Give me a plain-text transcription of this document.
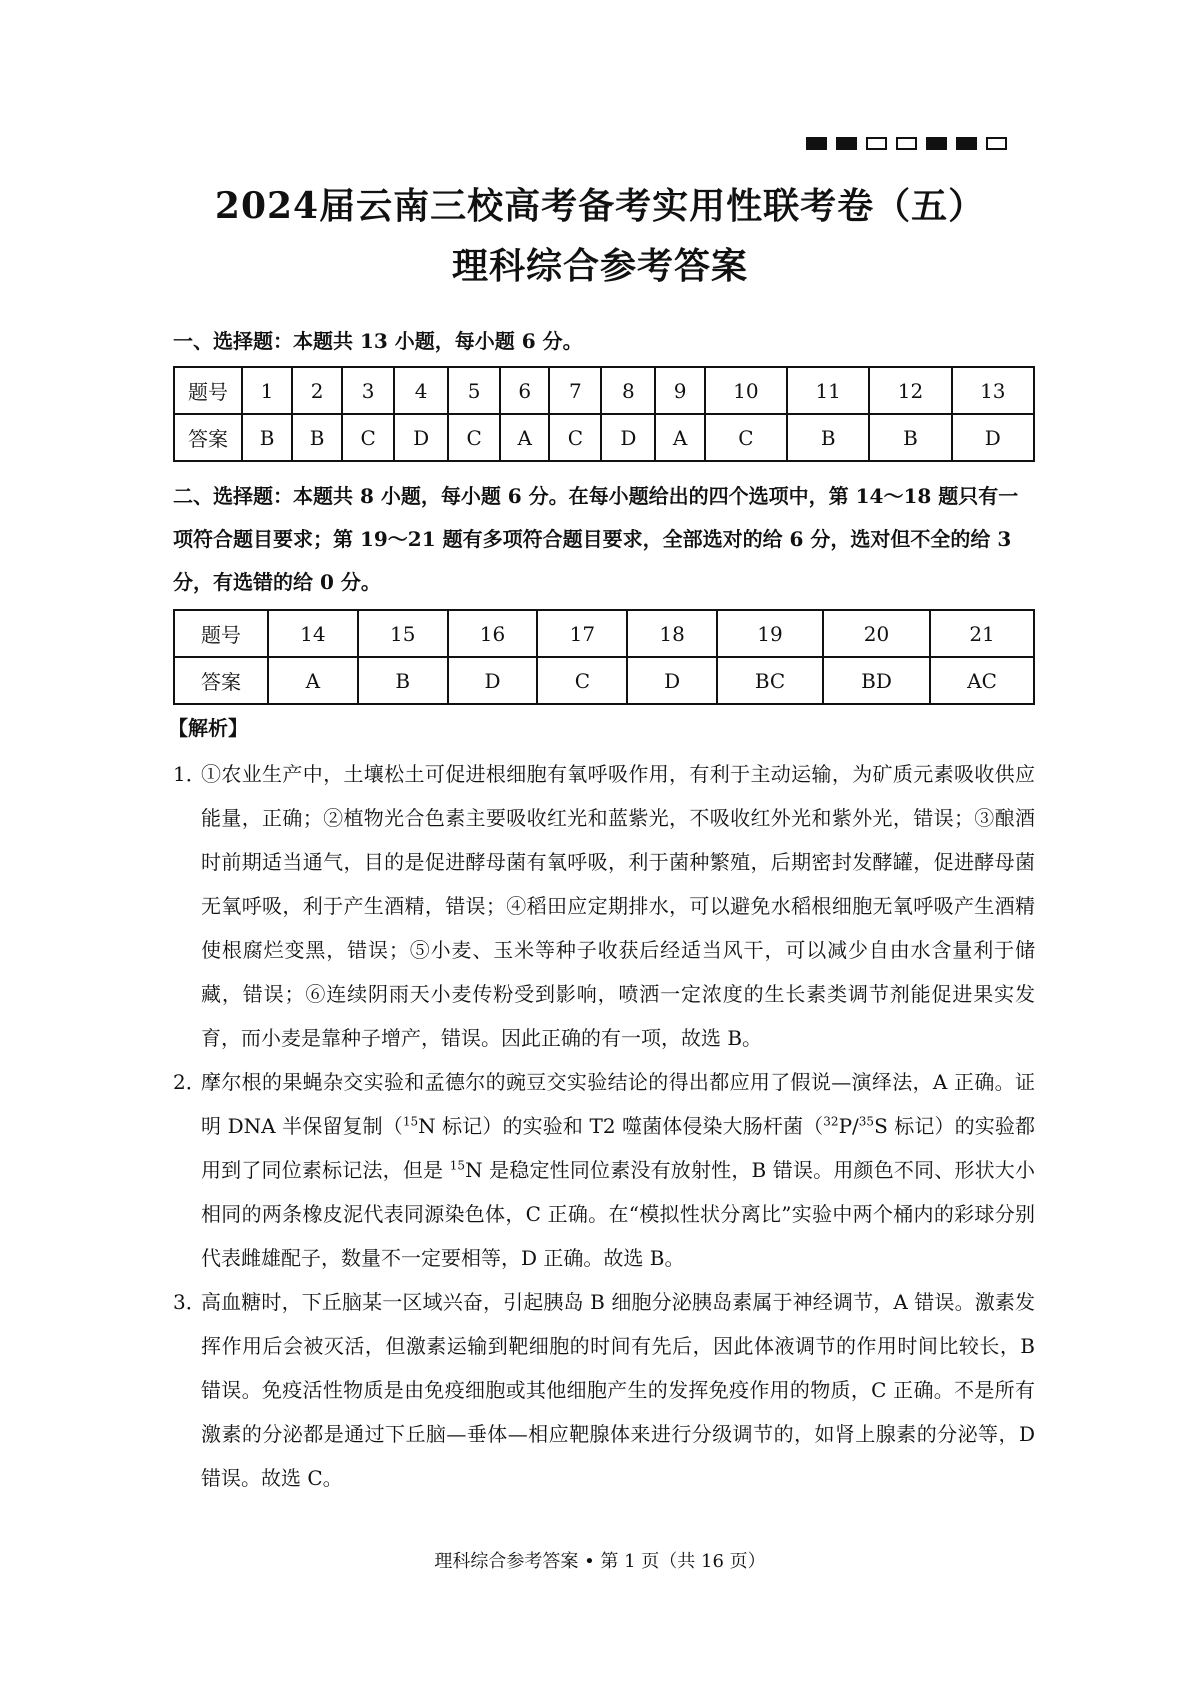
2024届云南三校高考备考实用性联考卷（五）
理科综合参考答案
一、选择题：本题共 13 小题，每小题 6 分。
题号	1	2	3	4	5	6	7	8	9	10	11	12	13
答案	B	B	C	D	C	A	C	D	A	C	B	B	D
二、选择题：本题共 8 小题，每小题 6 分。在每小题给出的四个选项中，第 14～18 题只有一项符合题目要求；第 19～21 题有多项符合题目要求，全部选对的给 6 分，选对但不全的给 3 分，有选错的给 0 分。
题号	14	15	16	17	18	19	20	21
答案	A	B	D	C	D	BC	BD	AC
【解析】
1．
①农业生产中，土壤松土可促进根细胞有氧呼吸作用，有利于主动运输，为矿质元素吸收供应能量，正确；②植物光合色素主要吸收红光和蓝紫光，不吸收红外光和紫外光，错误；③酿酒时前期适当通气，目的是促进酵母菌有氧呼吸，利于菌种繁殖，后期密封发酵罐，促进酵母菌无氧呼吸，利于产生酒精，错误；④稻田应定期排水，可以避免水稻根细胞无氧呼吸产生酒精使根腐烂变黑，错误；⑤小麦、玉米等种子收获后经适当风干，可以减少自由水含量利于储藏，错误；⑥连续阴雨天小麦传粉受到影响，喷洒一定浓度的生长素类调节剂能促进果实发育，而小麦是靠种子增产，错误。因此正确的有一项，故选 B。
2．
摩尔根的果蝇杂交实验和孟德尔的豌豆交实验结论的得出都应用了假说—演绎法，A 正确。证明 DNA 半保留复制（$^{15}$N 标记）的实验和 T2 噬菌体侵染大肠杆菌（$^{32}$P/$^{35}$S 标记）的实验都用到了同位素标记法，但是 $^{15}$N 是稳定性同位素没有放射性，B 错误。用颜色不同、形状大小相同的两条橡皮泥代表同源染色体，C 正确。在“模拟性状分离比”实验中两个桶内的彩球分别代表雌雄配子，数量不一定要相等，D 正确。故选 B。
3．
高血糖时，下丘脑某一区域兴奋，引起胰岛 B 细胞分泌胰岛素属于神经调节，A 错误。激素发挥作用后会被灭活，但激素运输到靶细胞的时间有先后，因此体液调节的作用时间比较长，B 错误。免疫活性物质是由免疫细胞或其他细胞产生的发挥免疫作用的物质，C 正确。不是所有激素的分泌都是通过下丘脑—垂体—相应靶腺体来进行分级调节的，如肾上腺素的分泌等，D 错误。故选 C。
理科综合参考答案 • 第 1 页（共 16 页）
